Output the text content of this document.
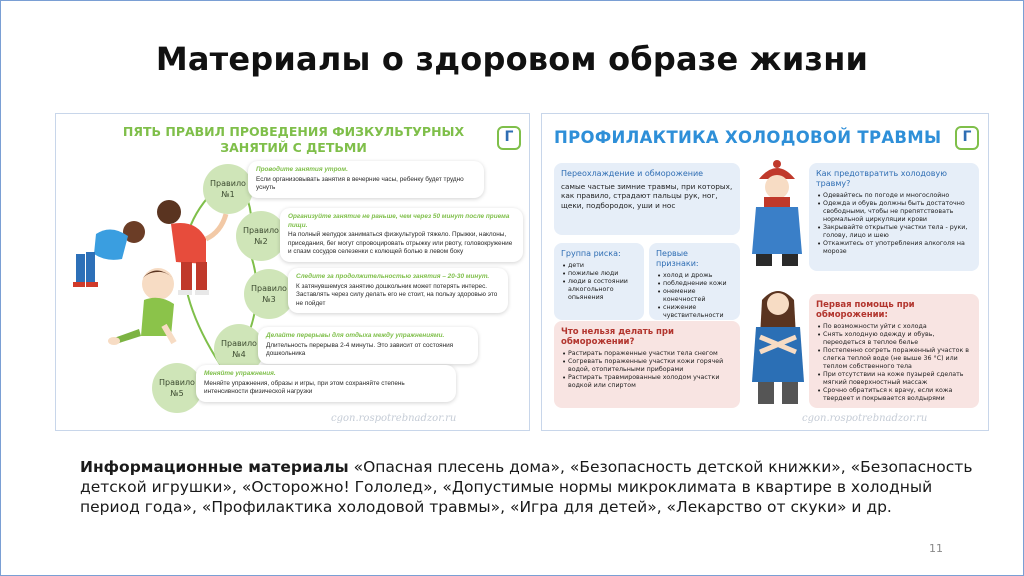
Материалы о здоровом образе жизни
ПЯТЬ ПРАВИЛ ПРОВЕДЕНИЯ ФИЗКУЛЬТУРНЫХ ЗАНЯТИЙ С ДЕТЬМИ
Г
Правило
№1
Проводите занятия утром.
Если организовывать занятия в вечерние часы, ребенку будет трудно уснуть
Правило
№2
Организуйте занятие не раньше, чем через 50 минут после приема пищи.
На полный желудок заниматься физкультурой тяжело. Прыжки, наклоны, приседания, бег могут спровоцировать отрыжку или рвоту, головокружение и спазм сосудов селезенки с колющей болью в левом боку
Правило
№3
Следите за продолжительностью занятия – 20-30 минут.
К затянувшемуся занятию дошкольник может потерять интерес. Заставлять через силу делать его не стоит, на пользу здоровью это не пойдет
Правило
№4
Делайте перерывы для отдыха между упражнениями.
Длительность перерыва 2-4 минуты. Это зависит от состояния дошкольника
Правило
№5
Меняйте упражнения.
Меняйте упражнения, образы и игры, при этом сохраняйте степень интенсивности физической нагрузки
cgon.rospotrebnadzor.ru
ПРОФИЛАКТИКА ХОЛОДОВОЙ ТРАВМЫ	Г
Переохлаждение и обморожение
самые частые зимние травмы, при которых, как правило, страдают пальцы рук, ног, щеки, подбородок, уши и нос
Группа риска:
• дети
• пожилые люди
• люди в состоянии алкогольного опьянения
Первые признаки:
• холод и дрожь
• побледнение кожи
• онемение конечностей
• снижение чувствительности
Как предотвратить холодовую травму?
• Одевайтесь по погоде и многослойно
• Одежда и обувь должны быть достаточно свободными, чтобы не препятствовать нормальной циркуляции крови
• Закрывайте открытые участки тела - руки, голову, лицо и шею
• Откажитесь от употребления алкоголя на морозе
Что нельзя делать при обморожении?
• Растирать пораженные участки тела снегом
• Согревать пораженные участки кожи горячей водой, отопительными приборами
• Растирать травмированные холодом участки водкой или спиртом
Первая помощь при обморожении:
• По возможности уйти с холода
• Снять холодную одежду и обувь, переодеться в теплое белье
• Постепенно согреть пораженный участок в слегка теплой воде (не выше 36 °C) или теплом собственного тела
• При отсутствии на коже пузырей сделать мягкий поверхностный массаж
• Срочно обратиться к врачу, если кожа твердеет и покрывается волдырями
cgon.rospotrebnadzor.ru
Информационные материалы «Опасная плесень дома», «Безопасность детской книжки», «Безопасность детской игрушки», «Осторожно! Гололед», «Допустимые нормы микроклимата в квартире в холодный период года», «Профилактика холодовой травмы», «Игра для детей», «Лекарство от скуки» и др.
11
